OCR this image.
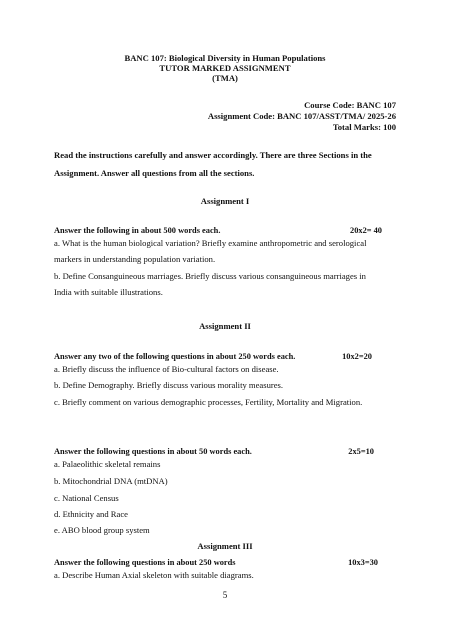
BANC 107: Biological Diversity in Human Populations
TUTOR MARKED ASSIGNMENT
(TMA)
Course Code: BANC 107
Assignment Code: BANC 107/ASST/TMA/ 2025-26
Total Marks: 100
Read the instructions carefully and answer accordingly. There are three Sections in the
Assignment. Answer all questions from all the sections.
Assignment I
Answer the following in about 500 words each.	20x2= 40
a. What is the human biological variation? Briefly examine anthropometric and serological
markers in understanding population variation.
b. Define Consanguineous marriages. Briefly discuss various consanguineous marriages in
India with suitable illustrations.
Assignment II
Answer any two of the following questions in about 250 words each.	10x2=20
a. Briefly discuss the influence of Bio-cultural factors on disease.
b. Define Demography. Briefly discuss various morality measures.
c. Briefly comment on various demographic processes, Fertility, Mortality and Migration.
Answer the following questions in about 50 words each.	2x5=10
a. Palaeolithic skeletal remains
b. Mitochondrial DNA (mtDNA)
c. National Census
d. Ethnicity and Race
e. ABO blood group system
Assignment III
Answer the following questions in about 250 words	10x3=30
a. Describe Human Axial skeleton with suitable diagrams.
5
